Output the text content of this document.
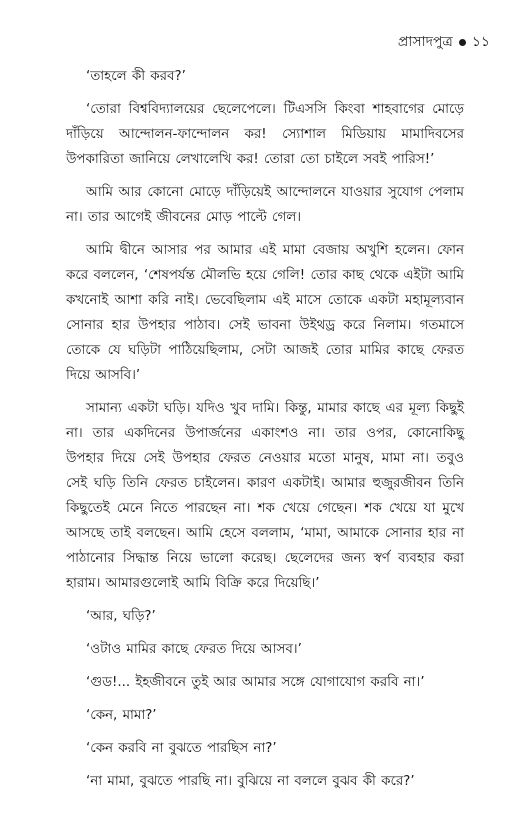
প্রাসাদপুত্র ১১

‘তাহলে কী করব?’

‘তোরা বিশ্ববিদ্যালয়ের ছেলেপেলে। টিএসসি কিংবা শাহবাগের মোড়ে দাঁড়িয়ে আন্দোলন-ফান্দোলন কর! স্যোশাল মিডিয়ায় মামাদিবসের উপকারিতা জানিয়ে লেখালেখি কর! তোরা তো চাইলে সবই পারিস!’

আমি আর কোনো মোড়ে দাঁড়িয়েই আন্দোলনে যাওয়ার সুযোগ পেলাম না। তার আগেই জীবনের মোড় পাল্টে গেল।

আমি দ্বীনে আসার পর আমার এই মামা বেজায় অখুশি হলেন। ফোন করে বললেন, ‘শেষপর্যন্ত মৌলভি হয়ে গেলি! তোর কাছ থেকে এইটা আমি কখনোই আশা করি নাই। ভেবেছিলাম এই মাসে তোকে একটা মহামূল্যবান সোনার হার উপহার পাঠাব। সেই ভাবনা উইথড্র করে নিলাম। গতমাসে তোকে যে ঘড়িটা পাঠিয়েছিলাম, সেটা আজই তোর মামির কাছে ফেরত দিয়ে আসবি।’

সামান্য একটা ঘড়ি। যদিও খুব দামি। কিন্তু, মামার কাছে এর মূল্য কিছুই না। তার একদিনের উপার্জনের একাংশও না। তার ওপর, কোনোকিছু উপহার দিয়ে সেই উপহার ফেরত নেওয়ার মতো মানুষ, মামা না। তবুও সেই ঘড়ি তিনি ফেরত চাইলেন। কারণ একটাই। আমার হুজুরজীবন তিনি কিছুতেই মেনে নিতে পারছেন না। শক খেয়ে গেছেন। শক খেয়ে যা মুখে আসছে তাই বলছেন। আমি হেসে বললাম, ‘মামা, আমাকে সোনার হার না পাঠানোর সিদ্ধান্ত নিয়ে ভালো করেছ। ছেলেদের জন্য স্বর্ণ ব্যবহার করা হারাম। আমারগুলোই আমি বিক্রি করে দিয়েছি।’

‘আর, ঘড়ি?’

‘ওটাও মামির কাছে ফেরত দিয়ে আসব।’

‘গুড!... ইহজীবনে তুই আর আমার সঙ্গে যোগাযোগ করবি না।’

‘কেন, মামা?’

‘কেন করবি না বুঝতে পারছিস না?’

‘না মামা, বুঝতে পারছি না। বুঝিয়ে না বললে বুঝব কী করে?’
